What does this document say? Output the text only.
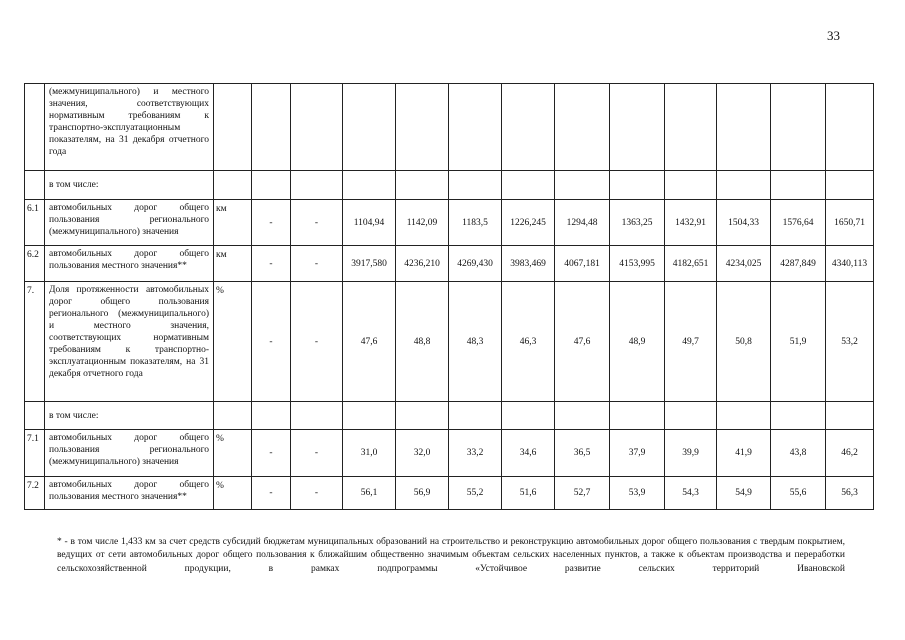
33
	(межмуниципального) и местного значения, соответствующих нормативным требованиям к транспортно-эксплуатационным показателям, на 31 декабря отчетного года													
	в том числе:													
6.1	автомобильных дорог общего пользования регионального (межмуниципального) значения	км	-	-	1104,94	1142,09	1183,5	1226,245	1294,48	1363,25	1432,91	1504,33	1576,64	1650,71
6.2	автомобильных дорог общего пользования местного значения**	км	-	-	3917,580	4236,210	4269,430	3983,469	4067,181	4153,995	4182,651	4234,025	4287,849	4340,113
7.	Доля протяженности автомобильных дорог общего пользования регионального (межмуниципального) и местного значения, соответствующих нормативным требованиям к транспортно-эксплуатационным показателям, на 31 декабря отчетного года	%	-	-	47,6	48,8	48,3	46,3	47,6	48,9	49,7	50,8	51,9	53,2
	в том числе:													
7.1	автомобильных дорог общего пользования регионального (межмуниципального) значения	%	-	-	31,0	32,0	33,2	34,6	36,5	37,9	39,9	41,9	43,8	46,2
7.2	автомобильных дорог общего пользования местного значения**	%	-	-	56,1	56,9	55,2	51,6	52,7	53,9	54,3	54,9	55,6	56,3

* - в том числе 1,433 км за счет средств субсидий бюджетам муниципальных образований на строительство и реконструкцию автомобильных дорог общего пользования с твердым покрытием, ведущих от сети автомобильных дорог общего пользования к ближайшим общественно значимым объектам сельских населенных пунктов, а также к объектам производства и переработки сельскохозяйственной продукции, в рамках подпрограммы «Устойчивое развитие сельских территорий Ивановской
